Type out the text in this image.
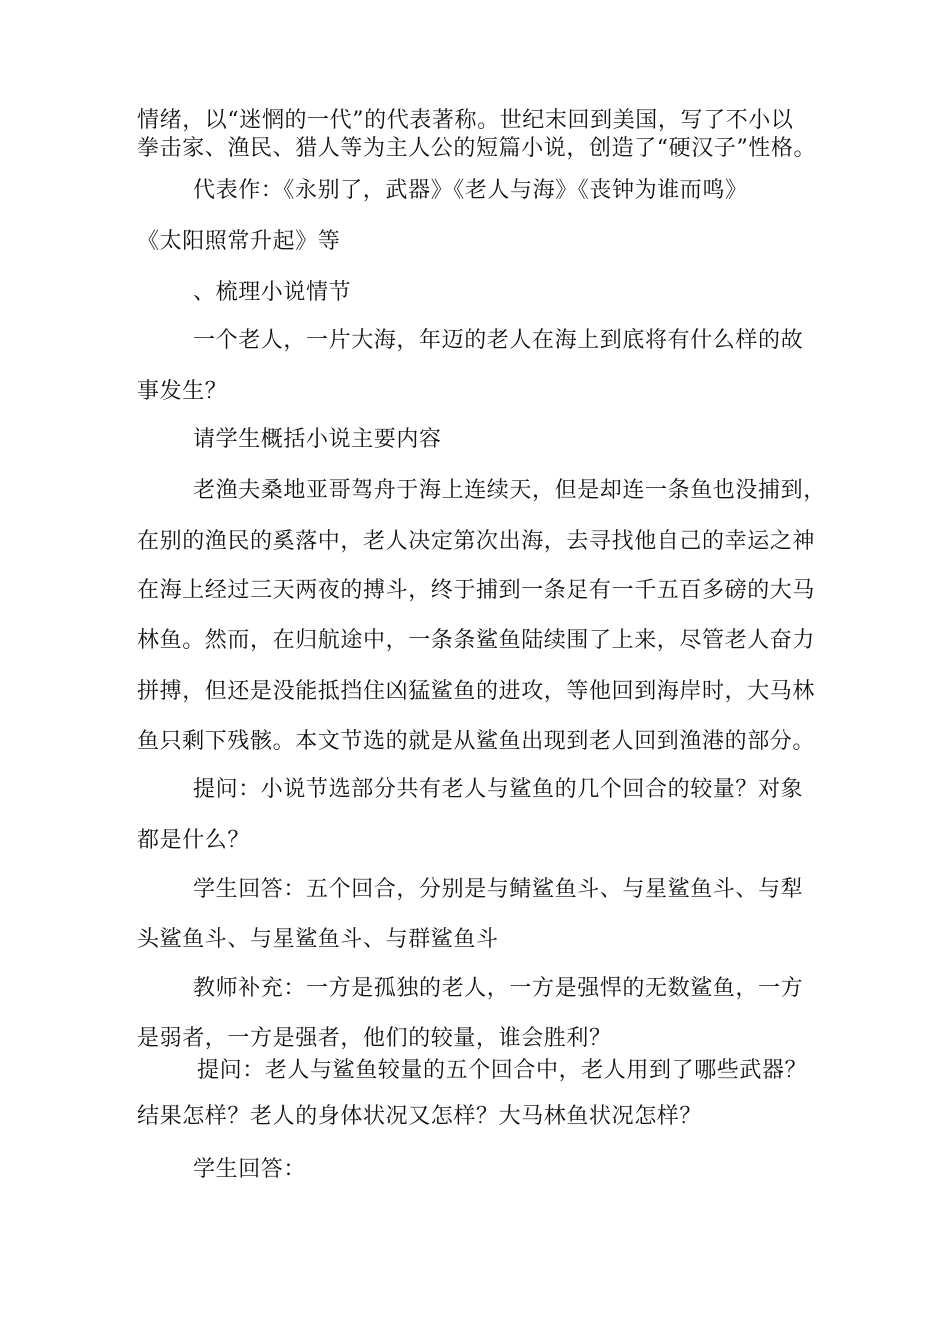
情绪，以“迷惘的一代”的代表著称。世纪末回到美国，写了不小以
拳击家、渔民、猎人等为主人公的短篇小说，创造了“硬汉子”性格。
代表作：《永别了，武器》《老人与海》《丧钟为谁而鸣》
《太阳照常升起》等
、梳理小说情节
一个老人，一片大海，年迈的老人在海上到底将有什么样的故
事发生？
请学生概括小说主要内容
老渔夫桑地亚哥驾舟于海上连续天，但是却连一条鱼也没捕到，
在别的渔民的奚落中，老人决定第次出海，去寻找他自己的幸运之神
在海上经过三天两夜的搏斗，终于捕到一条足有一千五百多磅的大马
林鱼。然而，在归航途中，一条条鲨鱼陆续围了上来，尽管老人奋力
拼搏，但还是没能抵挡住凶猛鲨鱼的进攻，等他回到海岸时，大马林
鱼只剩下残骸。本文节选的就是从鲨鱼出现到老人回到渔港的部分。
提问：小说节选部分共有老人与鲨鱼的几个回合的较量？对象
都是什么？
学生回答：五个回合，分别是与鲭鲨鱼斗、与星鲨鱼斗、与犁
头鲨鱼斗、与星鲨鱼斗、与群鲨鱼斗
教师补充：一方是孤独的老人，一方是强悍的无数鲨鱼，一方
是弱者，一方是强者，他们的较量，谁会胜利？
提问：老人与鲨鱼较量的五个回合中，老人用到了哪些武器？
结果怎样？老人的身体状况又怎样？大马林鱼状况怎样？
学生回答：
